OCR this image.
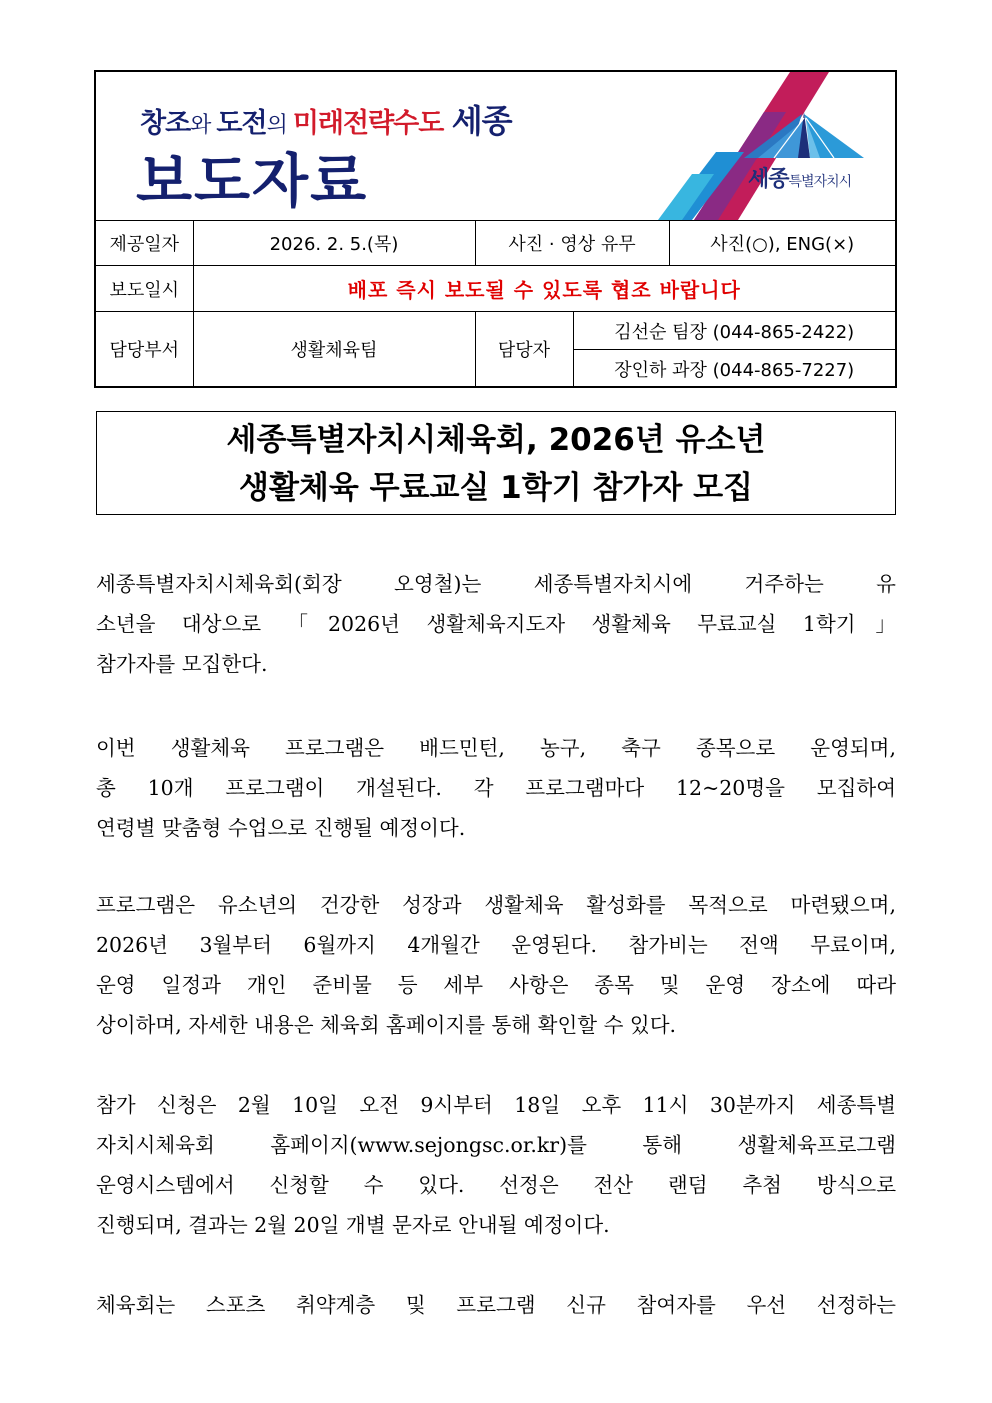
창조와 도전의 미래전략수도 세종
보도자료	세종특별자치시
제공일자	2026. 2. 5.(목)	사진 · 영상 유무		사진(○), ENG(×)
보도일시	배포 즉시 보도될 수 있도록 협조 바랍니다			
담당부서	생활체육팀	담당자	김선순 팀장 (044-865-2422)	
			장인하 과장 (044-865-7227)	
세종특별자치시체육회, 2026년 유소년
생활체육 무료교실 1학기 참가자 모집
세종특별자치시체육회(회장 오영철)는 세종특별자치시에 거주하는 유
소년을 대상으로 「2026년 생활체육지도자 생활체육 무료교실 1학기」
참가자를 모집한다.
이번 생활체육 프로그램은 배드민턴, 농구, 축구 종목으로 운영되며,
총 10개 프로그램이 개설된다. 각 프로그램마다 12~20명을 모집하여
연령별 맞춤형 수업으로 진행될 예정이다.
프로그램은 유소년의 건강한 성장과 생활체육 활성화를 목적으로 마련됐으며,
2026년 3월부터 6월까지 4개월간 운영된다. 참가비는 전액 무료이며,
운영 일정과 개인 준비물 등 세부 사항은 종목 및 운영 장소에 따라
상이하며, 자세한 내용은 체육회 홈페이지를 통해 확인할 수 있다.
참가 신청은 2월 10일 오전 9시부터 18일 오후 11시 30분까지 세종특별
자치시체육회 홈페이지(www.sejongsc.or.kr)를 통해 생활체육프로그램
운영시스템에서 신청할 수 있다. 선정은 전산 랜덤 추첨 방식으로
진행되며, 결과는 2월 20일 개별 문자로 안내될 예정이다.
체육회는 스포츠 취약계층 및 프로그램 신규 참여자를 우선 선정하는
